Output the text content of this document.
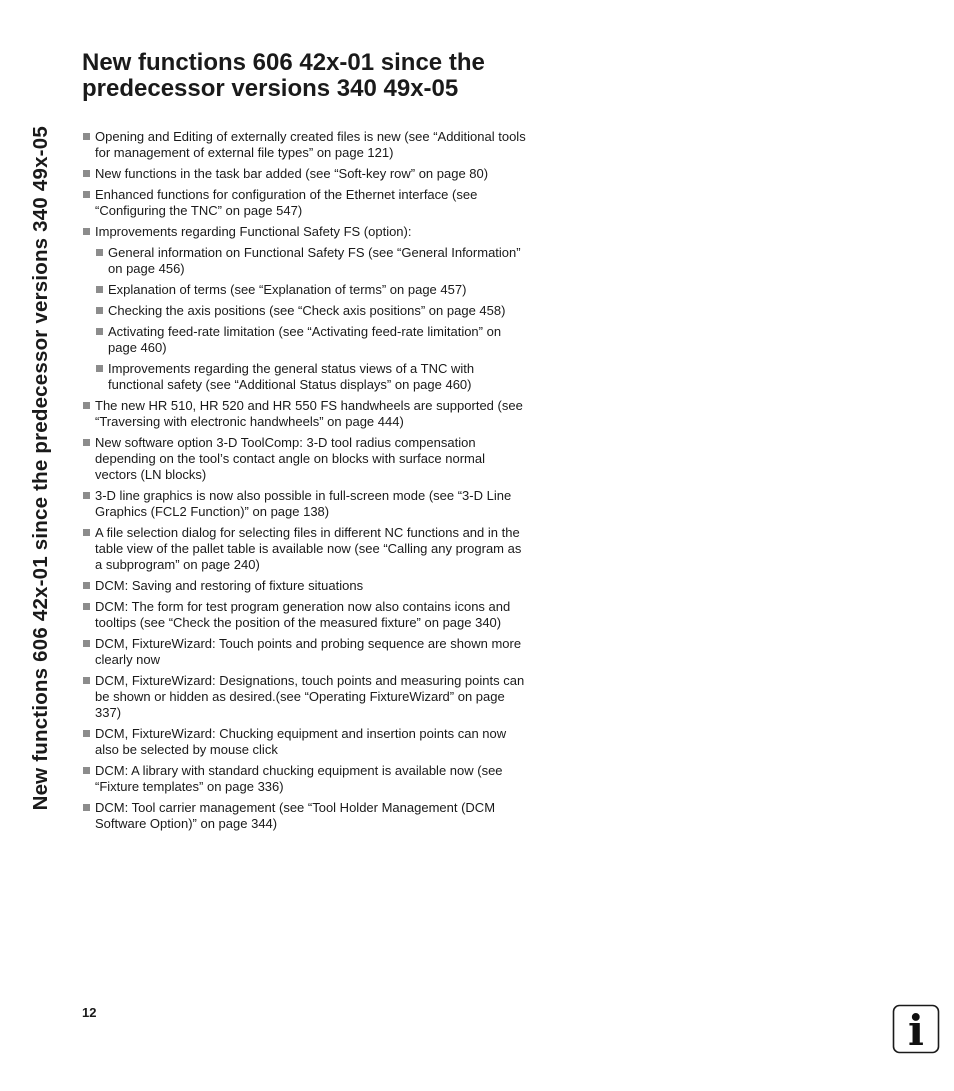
New functions 606 42x-01 since the predecessor versions 340 49x-05
New functions 606 42x-01 since the
predecessor versions 340 49x-05
Opening and Editing of externally created files is new (see “Additional tools for management of external file types” on page 121)
New functions in the task bar added (see “Soft-key row” on page 80)
Enhanced functions for configuration of the Ethernet interface (see “Configuring the TNC” on page 547)
Improvements regarding Functional Safety FS (option):
General information on Functional Safety FS (see “General Information” on page 456)
Explanation of terms (see “Explanation of terms” on page 457)
Checking the axis positions (see “Check axis positions” on page 458)
Activating feed-rate limitation (see “Activating feed-rate limitation” on page 460)
Improvements regarding the general status views of a TNC with functional safety (see “Additional Status displays” on page 460)
The new HR 510, HR 520 and HR 550 FS handwheels are supported (see “Traversing with electronic handwheels” on page 444)
New software option 3-D ToolComp: 3-D tool radius compensation depending on the tool’s contact angle on blocks with surface normal vectors (LN blocks)
3-D line graphics is now also possible in full-screen mode (see “3-D Line Graphics (FCL2 Function)” on page 138)
A file selection dialog for selecting files in different NC functions and in the table view of the pallet table is available now (see “Calling any program as a subprogram” on page 240)
DCM: Saving and restoring of fixture situations
DCM: The form for test program generation now also contains icons and tooltips (see “Check the position of the measured fixture” on page 340)
DCM, FixtureWizard: Touch points and probing sequence are shown more clearly now
DCM, FixtureWizard: Designations, touch points and measuring points can be shown or hidden as desired.(see “Operating FixtureWizard” on page 337)
DCM, FixtureWizard: Chucking equipment and insertion points can now also be selected by mouse click
DCM: A library with standard chucking equipment is available now (see “Fixture templates” on page 336)
DCM: Tool carrier management (see “Tool Holder Management (DCM Software Option)” on page 344)
12	i
